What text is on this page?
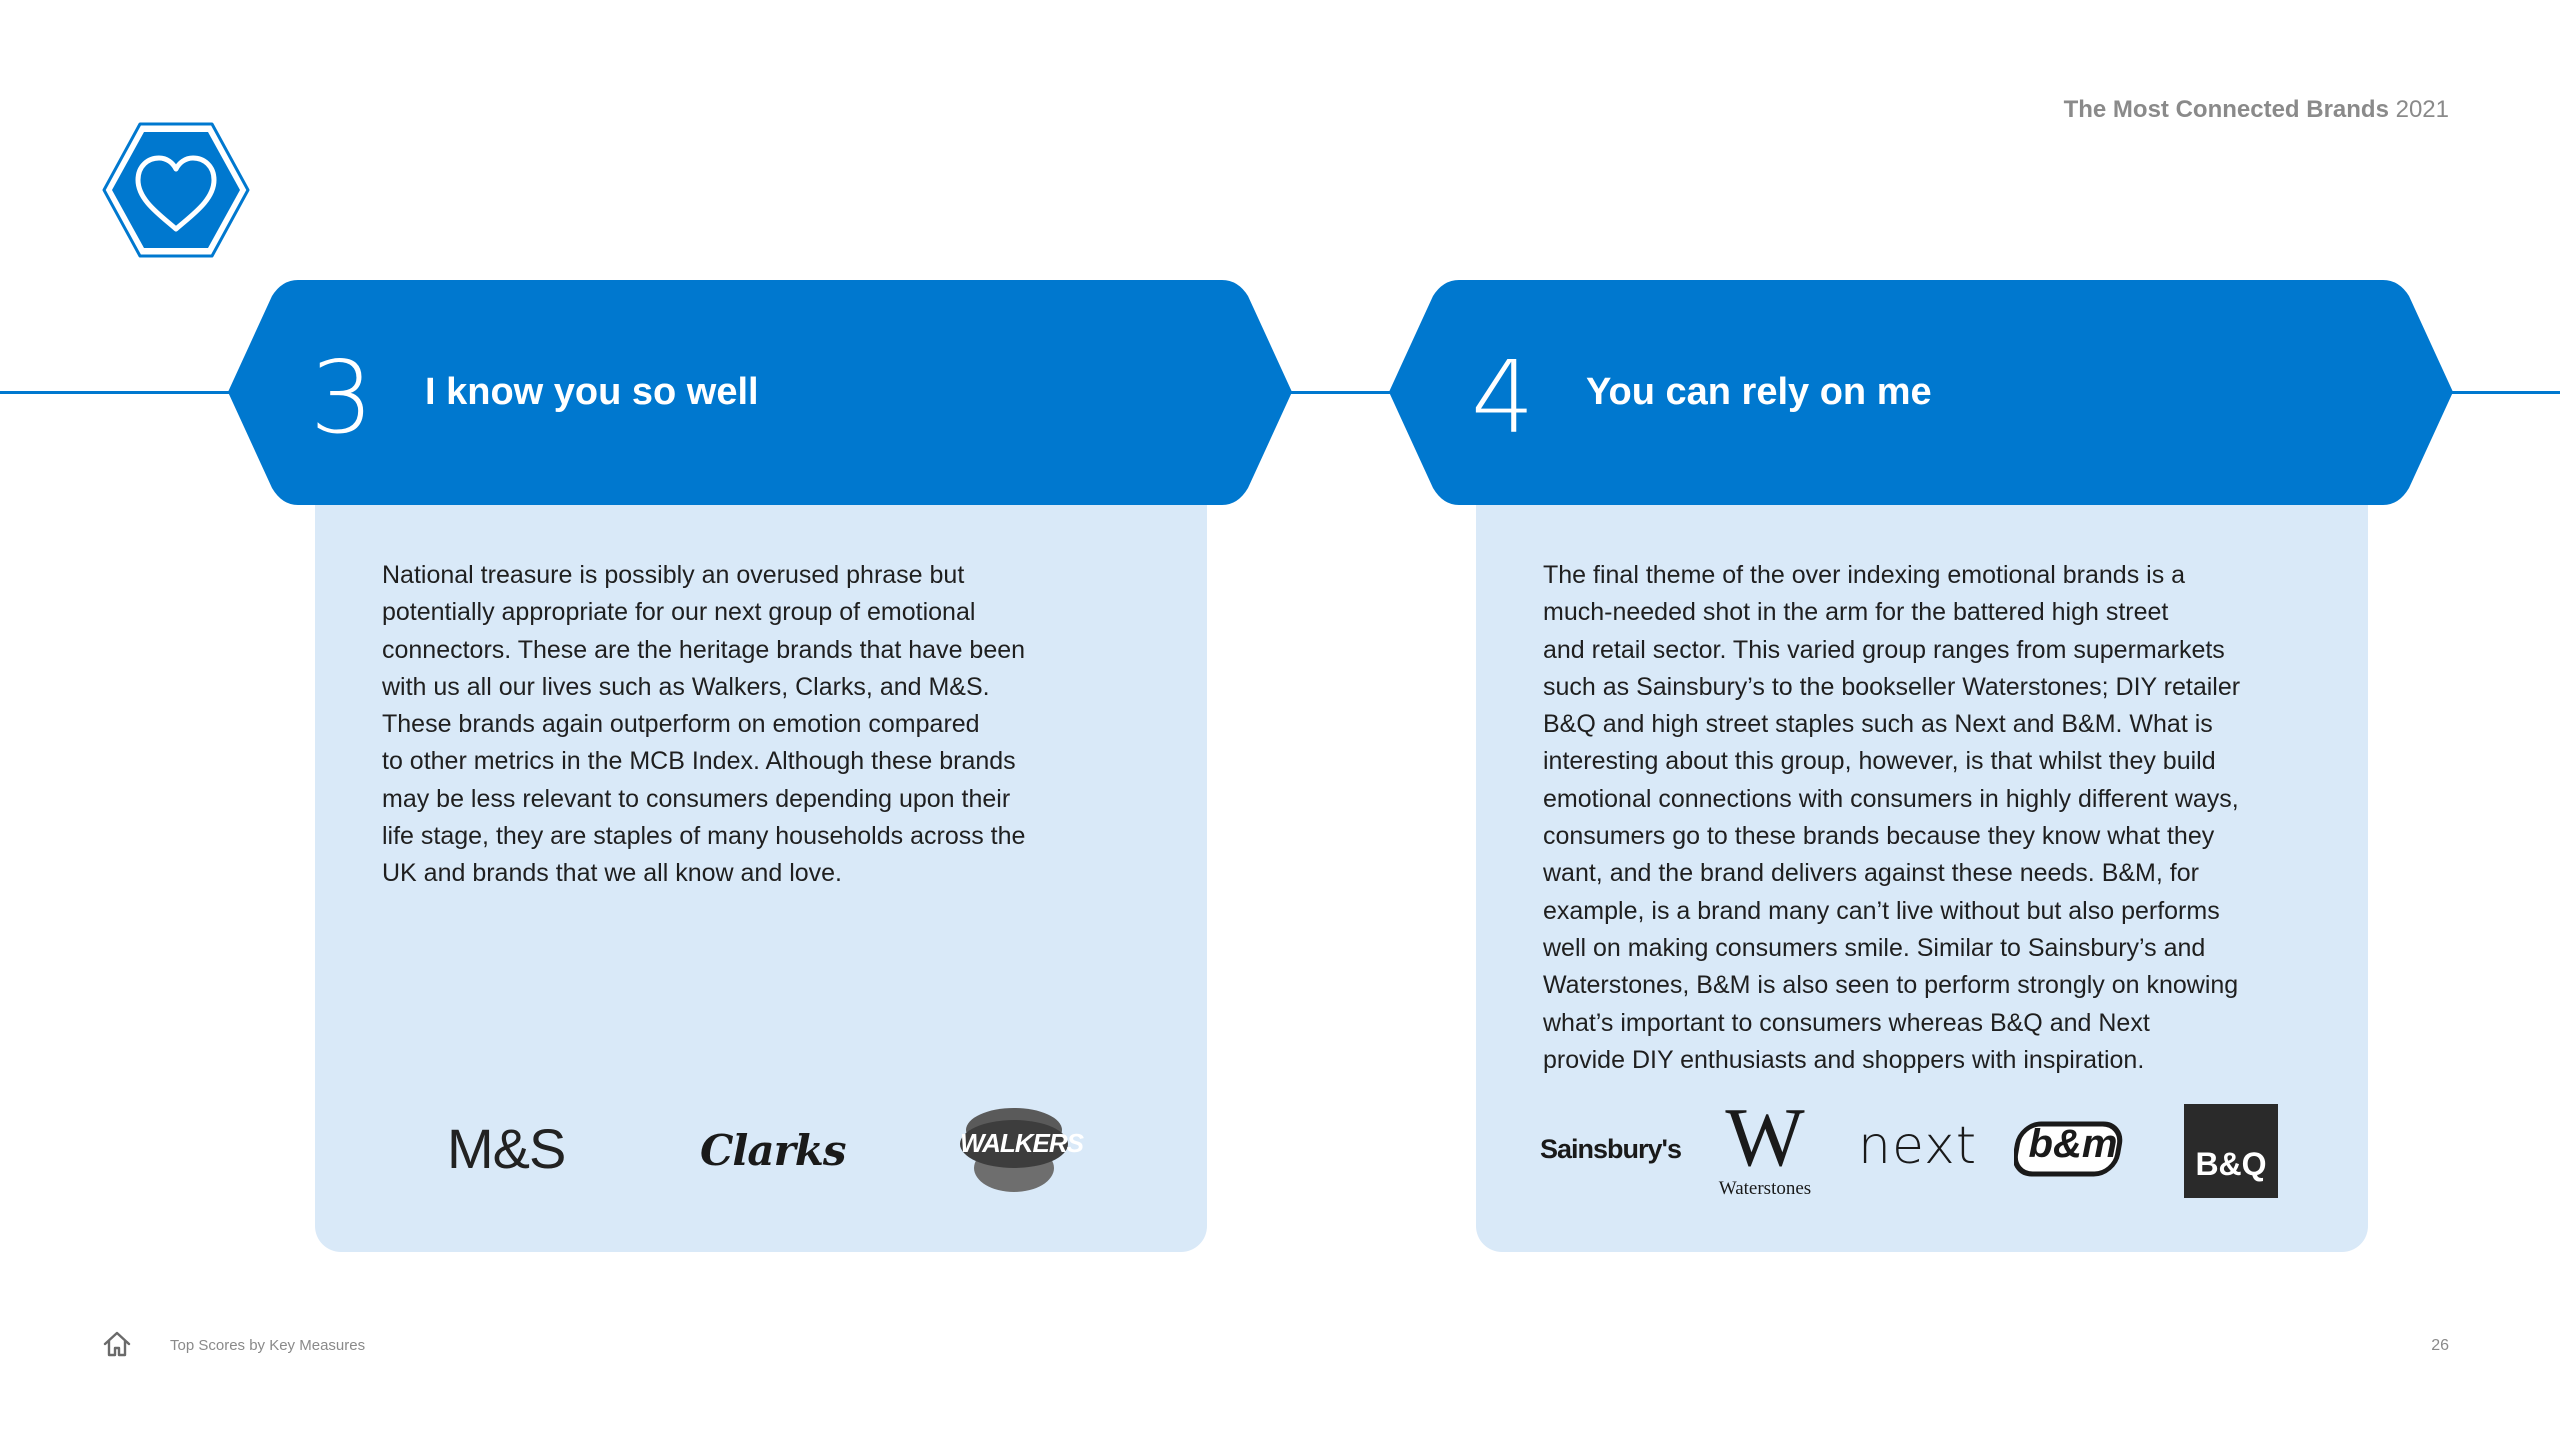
The Most Connected Brands 2021
3 I know you so well
National treasure is possibly an overused phrase but
potentially appropriate for our next group of emotional
connectors. These are the heritage brands that have been
with us all our lives such as Walkers, Clarks, and M&S.
These brands again outperform on emotion compared
to other metrics in the MCB Index. Although these brands
may be less relevant to consumers depending upon their
life stage, they are staples of many households across the
UK and brands that we all know and love.
M&S	Clarks	WALKERS
4 You can rely on me
The final theme of the over indexing emotional brands is a
much-needed shot in the arm for the battered high street
and retail sector. This varied group ranges from supermarkets
such as Sainsbury’s to the bookseller Waterstones; DIY retailer
B&Q and high street staples such as Next and B&M. What is
interesting about this group, however, is that whilst they build
emotional connections with consumers in highly different ways,
consumers go to these brands because they know what they
want, and the brand delivers against these needs. B&M, for
example, is a brand many can’t live without but also performs
well on making consumers smile. Similar to Sainsbury’s and
Waterstones, B&M is also seen to perform strongly on knowing
what’s important to consumers whereas B&Q and Next
provide DIY enthusiasts and shoppers with inspiration.
Sainsbury's W
Waterstones
next b&m	B&Q
Top Scores by Key Measures	26
